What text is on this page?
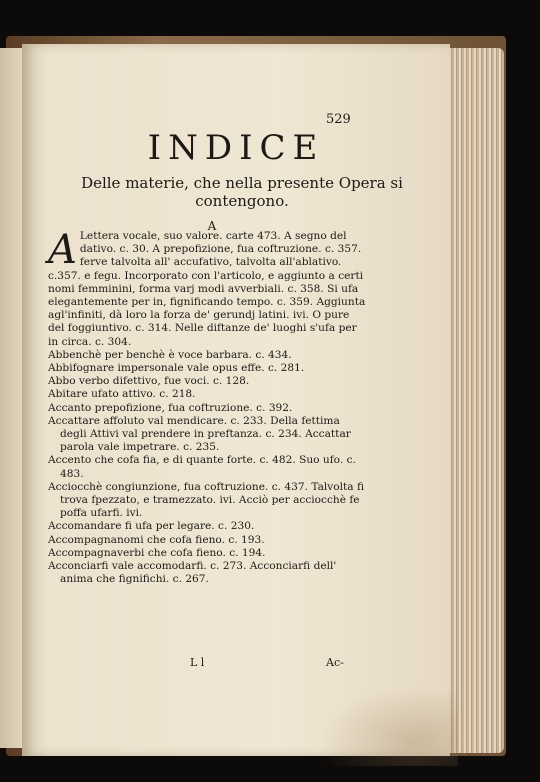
529
INDICE
Delle materie, che nella presente Opera si contengono.
A

A Lettera vocale, suo valore. carte 473. A segno del dativo. c. 30. A prepofizione, fua coftruzione. c. 357. ferve talvolta all' accufativo, talvolta all'ablativo. c.357. e fegu. Incorporato con l'articolo, e aggiunto a certi nomi femminini, forma varj modi avverbiali. c. 358. Si ufa elegantemente per in, fignificando tempo. c. 359. Aggiunta agl'infiniti, dà loro la forza de' gerundj latini. ivi. O pure del foggiuntivo. c. 314. Nelle diftanze de' luoghi s'ufa per in circa. c. 304.

Abbenchè per benchè è voce barbara. c. 434.

Abbifognare impersonale vale opus effe. c. 281.

Abbo verbo difettivo, fue voci. c. 128.

Abitare ufato attivo. c. 218.

Accanto prepofizione, fua coftruzione. c. 392.

Accattare affoluto val mendicare. c. 233. Della fettima degli Attivi val prendere in preftanza. c. 234. Accattar parola vale impetrare. c. 235.

Accento che cofa fia, e di quante forte. c. 482. Suo ufo. c. 483.

Acciocchè congiunzione, fua coftruzione. c. 437. Talvolta fi trova fpezzato, e tramezzato. ivi. Acciò per acciocchè fe poffa ufarfi. ivi.

Accomandare fi ufa per legare. c. 230.

Accompagnanomi che cofa fieno. c. 193.

Accompagnaverbi che cofa fieno. c. 194.

Acconciarfi vale accomodarfi. c. 273. Acconciarfi dell' anima che fignifichi. c. 267.

L l	Ac-
